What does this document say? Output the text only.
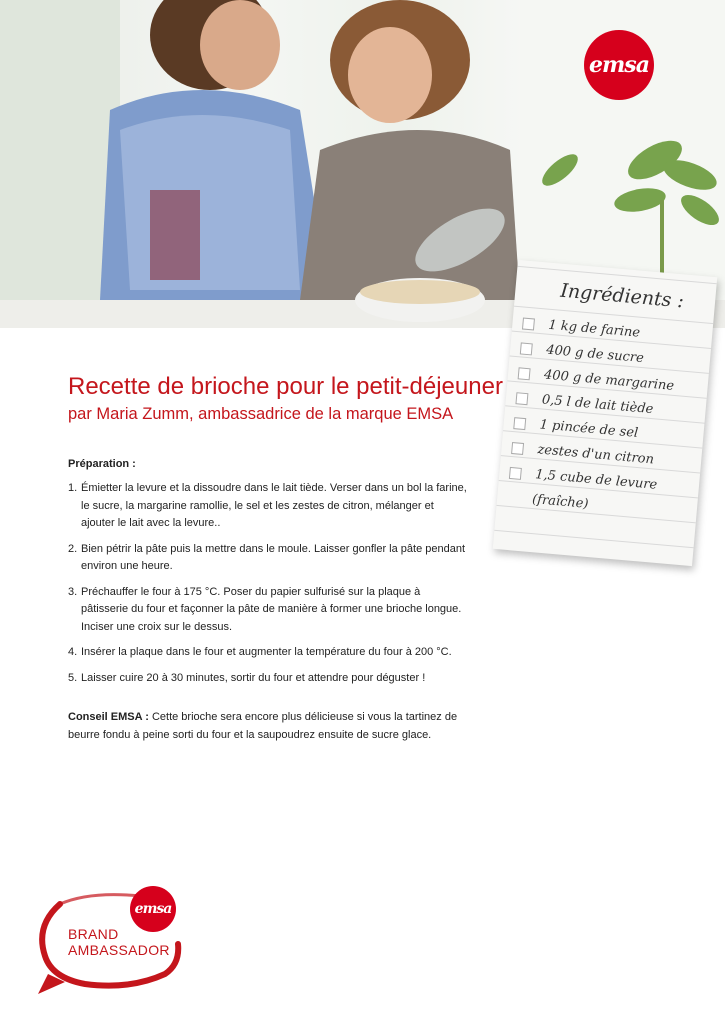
emsa
Ingrédients :
1 kg de farine
400 g de sucre
400 g de margarine
0,5 l de lait tiède
1 pincée de sel
zestes d'un citron
1,5 cube de levure
(fraîche)
Recette de brioche pour le petit-déjeuner
par Maria Zumm, ambassadrice de la marque EMSA
Préparation :
1. Émietter la levure et la dissoudre dans le lait tiède. Verser dans un bol la farine, le sucre, la margarine ramollie, le sel et les zestes de citron, mélanger et ajouter le lait avec la levure..
2. Bien pétrir la pâte puis la mettre dans le moule. Laisser gonfler la pâte pendant environ une heure.
3. Préchauffer le four à 175 °C. Poser du papier sulfurisé sur la plaque à pâtisserie du four et façonner la pâte de manière à former une brioche longue. Inciser une croix sur le dessus.
4. Insérer la plaque dans le four et augmenter la température du four à 200 °C.
5. Laisser cuire 20 à 30 minutes, sortir du four et attendre pour déguster !
Conseil EMSA : Cette brioche sera encore plus délicieuse si vous la tartinez de beurre fondu à peine sorti du four et la saupoudrez ensuite de sucre glace.
emsa
BRAND
AMBASSADOR
